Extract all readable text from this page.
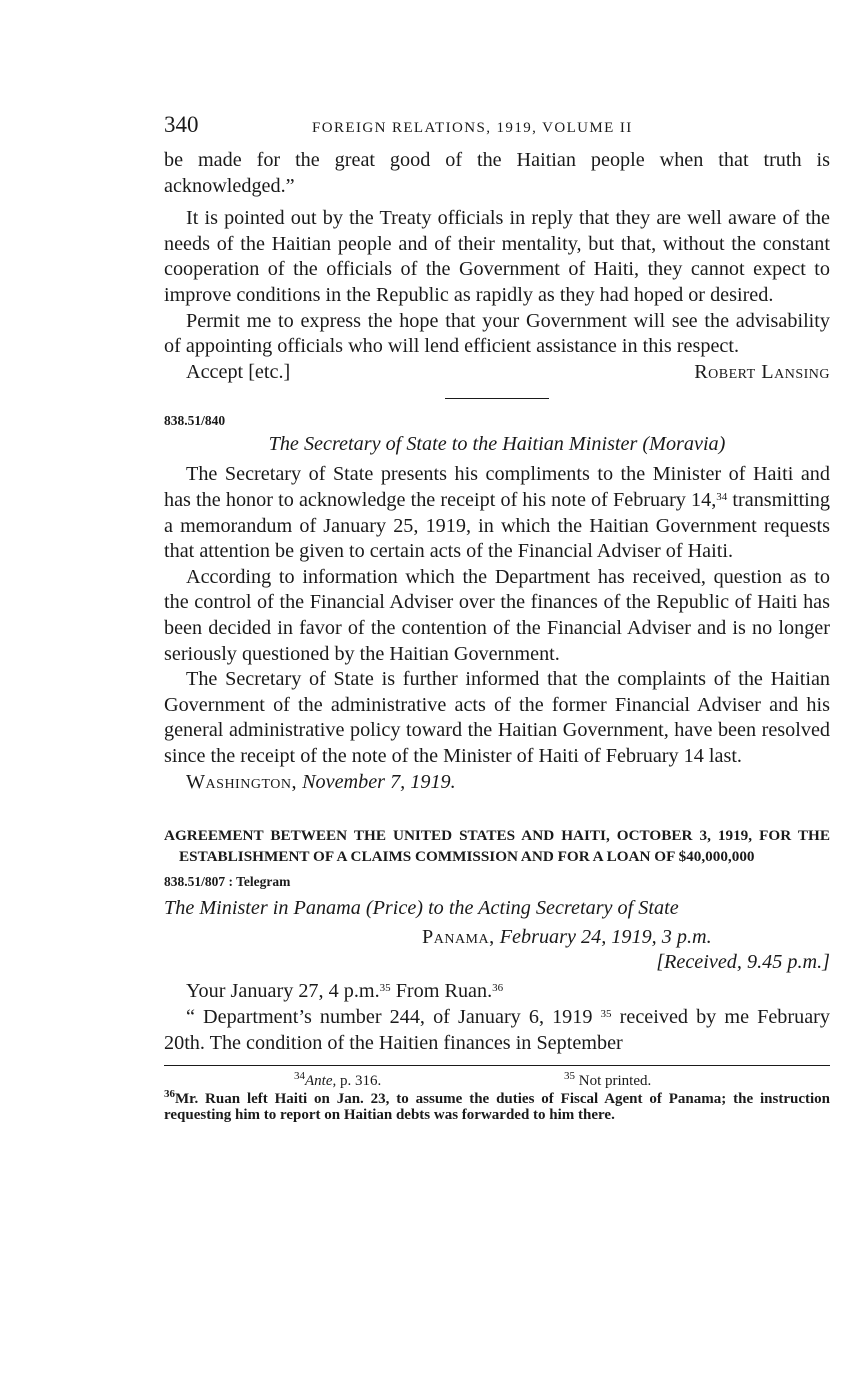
340	FOREIGN RELATIONS, 1919, VOLUME II

be made for the great good of the Haitian people when that truth is acknowledged.”

It is pointed out by the Treaty officials in reply that they are well aware of the needs of the Haitian people and of their mentality, but that, without the constant cooperation of the officials of the Government of Haiti, they cannot expect to improve conditions in the Republic as rapidly as they had hoped or desired.

Permit me to express the hope that your Government will see the advisability of appointing officials who will lend efficient assistance in this respect.

Accept [etc.]	Robert Lansing
838.51/840
The Secretary of State to the Haitian Minister (Moravia)

The Secretary of State presents his compliments to the Minister of Haiti and has the honor to acknowledge the receipt of his note of February 14,34 transmitting a memorandum of January 25, 1919, in which the Haitian Government requests that attention be given to certain acts of the Financial Adviser of Haiti.

According to information which the Department has received, question as to the control of the Financial Adviser over the finances of the Republic of Haiti has been decided in favor of the contention of the Financial Adviser and is no longer seriously questioned by the Haitian Government.

The Secretary of State is further informed that the complaints of the Haitian Government of the administrative acts of the former Financial Adviser and his general administrative policy toward the Haitian Government, have been resolved since the receipt of the note of the Minister of Haiti of February 14 last.

Washington, November 7, 1919.
AGREEMENT BETWEEN THE UNITED STATES AND HAITI, OCTOBER 3, 1919, FOR THE ESTABLISHMENT OF A CLAIMS COMMISSION AND FOR A LOAN OF $40,000,000
838.51/807 : Telegram
The Minister in Panama (Price) to the Acting Secretary of State
Panama, February 24, 1919, 3 p.m.
[Received, 9.45 p.m.]

Your January 27, 4 p.m.$^{35}$ From Ruan.$^{36}$

“ Department’s number 244, of January 6, 1919 $^{35}$ received by me February 20th. The condition of the Haitien finances in September

$^{34}$Ante, p. 316.	$^{35}$ Not printed.
$^{36}$Mr. Ruan left Haiti on Jan. 23, to assume the duties of Fiscal Agent of Panama; the instruction requesting him to report on Haitian debts was forwarded to him there.
